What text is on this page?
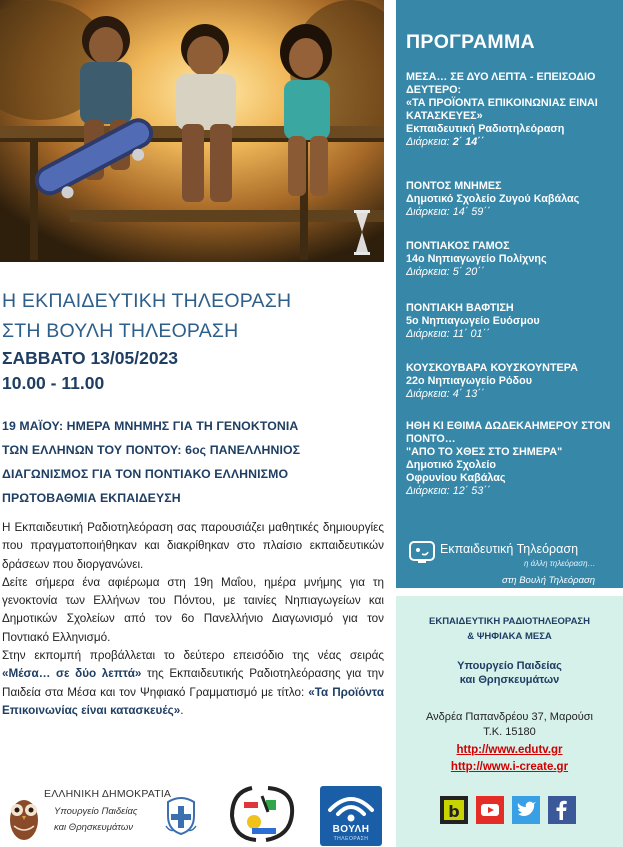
Η ΕΚΠΑΙΔΕΥΤΙΚΗ ΤΗΛΕΟΡΑΣΗ
ΣΤΗ ΒΟΥΛΗ ΤΗΛΕΟΡΑΣΗ
ΣΑΒΒΑΤΟ 13/05/2023
10.00 - 11.00
19 ΜΑΪΟΥ: ΗΜΕΡΑ ΜΝΗΜΗΣ ΓΙΑ ΤΗ ΓΕΝΟΚΤΟΝΙΑ
ΤΩΝ ΕΛΛΗΝΩΝ ΤΟΥ ΠΟΝΤΟΥ: 6ος ΠΑΝΕΛΛΗΝΙΟΣ
ΔΙΑΓΩΝΙΣΜΟΣ ΓΙΑ ΤΟΝ ΠΟΝΤΙΑΚΟ ΕΛΛΗΝΙΣΜΟ
ΠΡΩΤΟΒΑΘΜΙΑ ΕΚΠΑΙΔΕΥΣΗ

Η Εκπαιδευτική Ραδιοτηλεόραση σας παρουσιάζει μαθητικές δημιουργίες που πραγματοποιήθηκαν και διακρίθηκαν στο πλαίσιο εκπαιδευτικών δράσεων που διοργανώνει.

Δείτε σήμερα ένα αφιέρωμα στη 19η Μαΐου, ημέρα μνήμης για τη γενοκτονία των Ελλήνων του Πόντου, με ταινίες Νηπιαγωγείων και Δημοτικών Σχολείων από τον 6ο Πανελλήνιο Διαγωνισμό για τον Ποντιακό Ελληνισμό.

Στην εκπομπή προβάλλεται το δεύτερο επεισόδιο της νέας σειράς «Μέσα… σε δύο λεπτά» της Εκπαιδευτικής Ραδιοτηλεόρασης για την Παιδεία στα Μέσα και τον Ψηφιακό Γραμματισμό με τίτλο: «Τα Προϊόντα Επικοινωνίας είναι κατασκευές».

ΕΛΛΗΝΙΚΗ ΔΗΜΟΚΡΑΤΙΑ
Υπουργείο Παιδείας
και Θρησκευμάτων	ΒΟΥΛΗ
ΤΗΛΕΟΡΑΣΗ
ΠΡΟΓΡΑΜΜΑ
ΜΕΣΑ… ΣΕ ΔΥΟ ΛΕΠΤΑ - ΕΠΕΙΣΟΔΙΟ ΔΕΥΤΕΡΟ:
«ΤΑ ΠΡΟΪΟΝΤΑ ΕΠΙΚΟΙΝΩΝΙΑΣ ΕΙΝΑΙ ΚΑΤΑΣΚΕΥΕΣ»
Εκπαιδευτική Ραδιοτηλεόραση
Διάρκεια: 2΄ 14΄΄
ΠΟΝΤΟΣ ΜΝΗΜΕΣ
Δημοτικό Σχολείο Ζυγού Καβάλας
Διάρκεια: 14΄ 59΄΄
ΠΟΝΤΙΑΚΟΣ ΓΑΜΟΣ
14ο Νηπιαγωγείο Πολίχνης
Διάρκεια: 5΄ 20΄΄
ΠΟΝΤΙΑΚΗ ΒΑΦΤΙΣΗ
5ο Νηπιαγωγείο Ευόσμου
Διάρκεια: 11΄ 01΄΄
ΚΟΥΣΚΟΥΒΑΡΑ ΚΟΥΣΚΟΥΝΤΕΡΑ
22ο Νηπιαγωγείο Ρόδου
Διάρκεια: 4΄ 13΄΄
ΗΘΗ ΚΙ ΕΘΙΜΑ ΔΩΔΕΚΑΗΜΕΡΟΥ ΣΤΟΝ ΠΟΝΤΟ…
"ΑΠΟ ΤΟ ΧΘΕΣ ΣΤΟ ΣΗΜΕΡΑ"
Δημοτικό Σχολείο
Οφρυνίου Καβάλας
Διάρκεια: 12΄ 53΄΄
Εκπαιδευτική Τηλεόραση
η άλλη τηλεόραση…
στη Βουλή Τηλεόραση
ΕΚΠΑΙΔΕΥΤΙΚΗ ΡΑΔΙΟΤΗΛΕΟΡΑΣΗ
& ΨΗΦΙΑΚΑ ΜΕΣΑ
Υπουργείο Παιδείας
και Θρησκευμάτων
Ανδρέα Παπανδρέου 37, Μαρούσι
Τ.Κ. 15180
http://www.edutv.gr
http://www.i-create.gr
b
